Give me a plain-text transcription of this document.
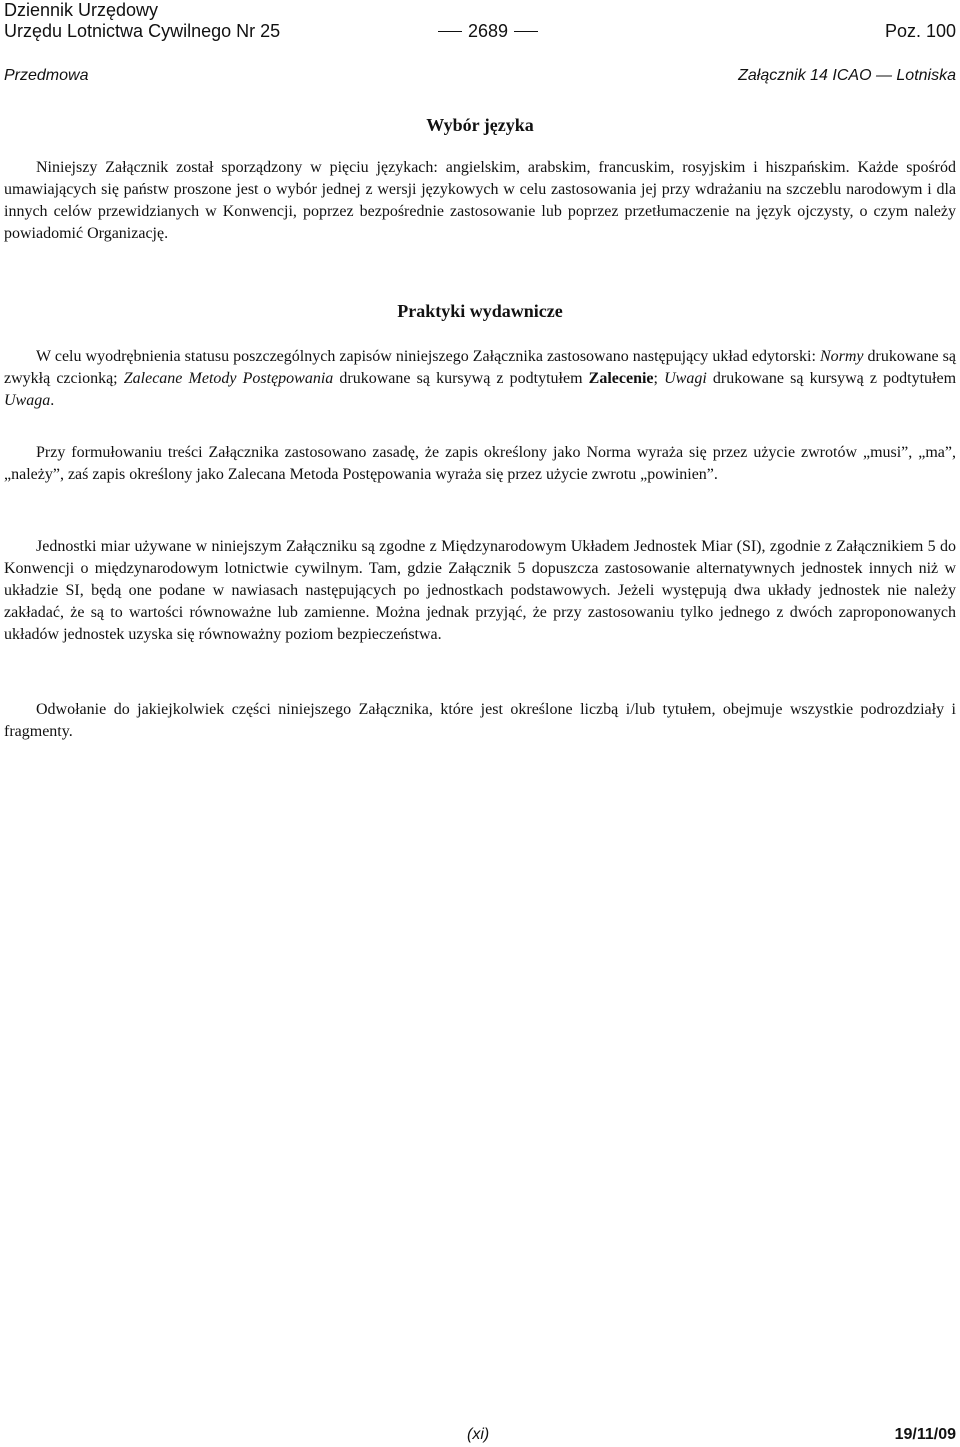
Dziennik Urzędowy
Urzędu Lotnictwa Cywilnego Nr 25	2689	Poz. 100
Przedmowa	Załącznik 14 ICAO — Lotniska
Wybór języka

Niniejszy Załącznik został sporządzony w pięciu językach: angielskim, arabskim, francuskim, rosyjskim i hiszpańskim. Każde spośród umawiających się państw proszone jest o wybór jednej z wersji językowych w celu zastosowania jej przy wdrażaniu na szczeblu narodowym i dla innych celów przewidzianych w Konwencji, poprzez bezpośrednie zastosowanie lub poprzez przetłumaczenie na język ojczysty, o czym należy powiadomić Organizację.

Praktyki wydawnicze

W celu wyodrębnienia statusu poszczególnych zapisów niniejszego Załącznika zastosowano następujący układ edytorski: Normy drukowane są zwykłą czcionką; Zalecane Metody Postępowania drukowane są kursywą z podtytułem Zalecenie; Uwagi drukowane są kursywą z podtytułem Uwaga.

Przy formułowaniu treści Załącznika zastosowano zasadę, że zapis określony jako Norma wyraża się przez użycie zwrotów „musi”, „ma”, „należy”, zaś zapis określony jako Zalecana Metoda Postępowania wyraża się przez użycie zwrotu „powinien”.

Jednostki miar używane w niniejszym Załączniku są zgodne z Międzynarodowym Układem Jednostek Miar (SI), zgodnie z Załącznikiem 5 do Konwencji o międzynarodowym lotnictwie cywilnym. Tam, gdzie Załącznik 5 dopuszcza zastosowanie alternatywnych jednostek innych niż w układzie SI, będą one podane w nawiasach następujących po jednostkach podstawowych. Jeżeli występują dwa układy jednostek nie należy zakładać, że są to wartości równoważne lub zamienne. Można jednak przyjąć, że przy zastosowaniu tylko jednego z dwóch zaproponowanych układów jednostek uzyska się równoważny poziom bezpieczeństwa.

Odwołanie do jakiejkolwiek części niniejszego Załącznika, które jest określone liczbą i/lub tytułem, obejmuje wszystkie podrozdziały i fragmenty.

(xi)	19/11/09
